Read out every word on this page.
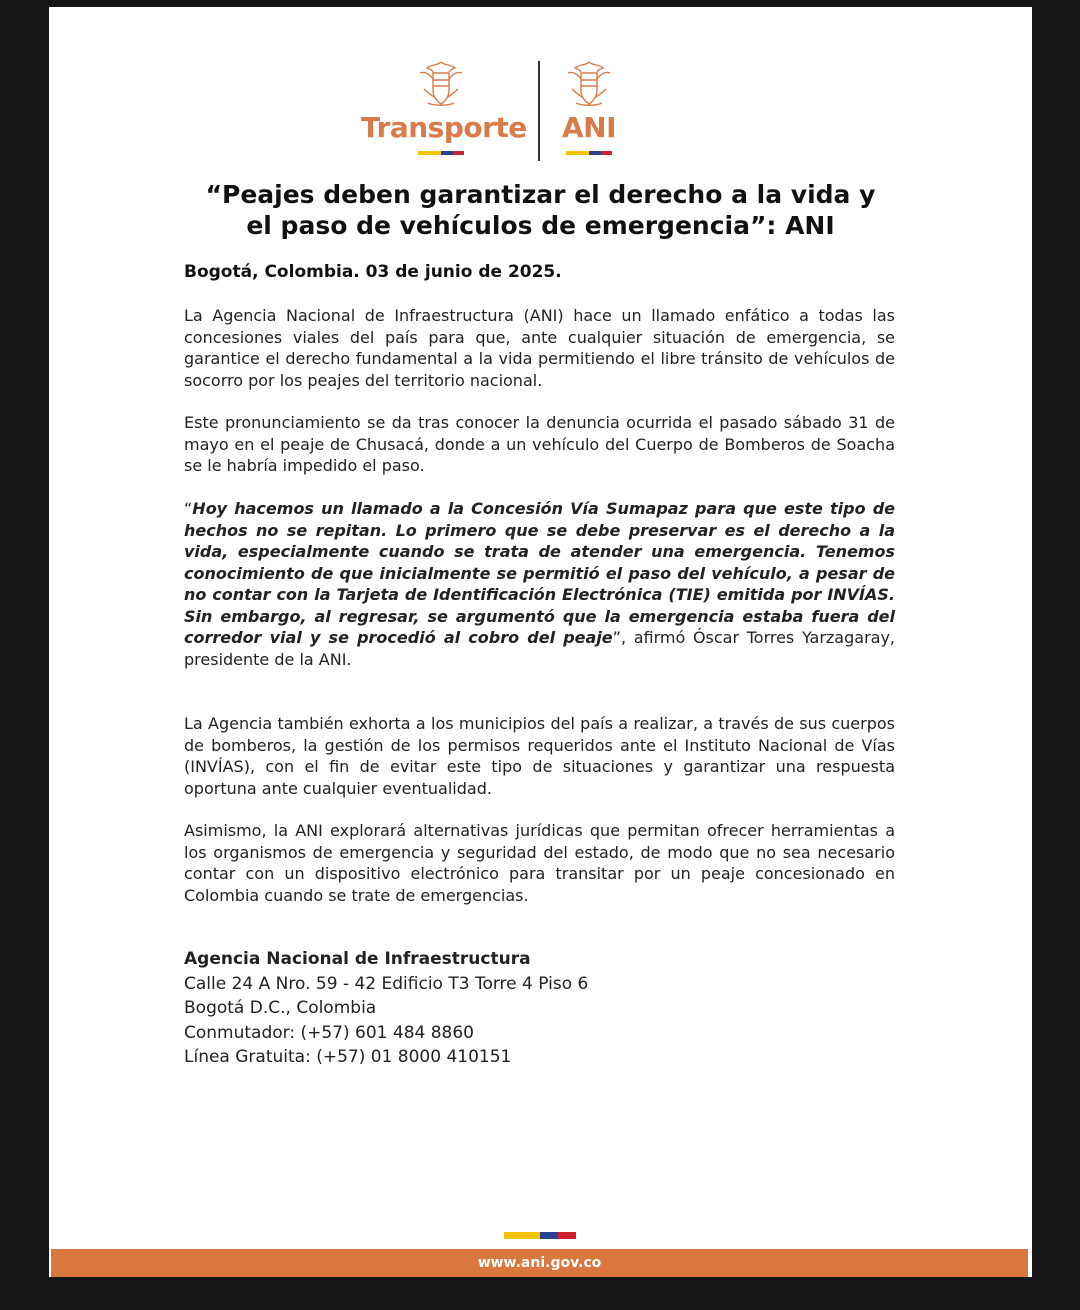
Transporte ANI
“Peajes deben garantizar el derecho a la vida y
el paso de vehículos de emergencia”: ANI

Bogotá, Colombia. 03 de junio de 2025.

La Agencia Nacional de Infraestructura (ANI) hace un llamado enfático a todas las concesiones viales del país para que, ante cualquier situación de emergencia, se garantice el derecho fundamental a la vida permitiendo el libre tránsito de vehículos de socorro por los peajes del territorio nacional.

Este pronunciamiento se da tras conocer la denuncia ocurrida el pasado sábado 31 de mayo en el peaje de Chusacá, donde a un vehículo del Cuerpo de Bomberos de Soacha se le habría impedido el paso.

“Hoy hacemos un llamado a la Concesión Vía Sumapaz para que este tipo de hechos no se repitan. Lo primero que se debe preservar es el derecho a la vida, especialmente cuando se trata de atender una emergencia. Tenemos conocimiento de que inicialmente se permitió el paso del vehículo, a pesar de no contar con la Tarjeta de Identificación Electrónica (TIE) emitida por INVÍAS. Sin embargo, al regresar, se argumentó que la emergencia estaba fuera del corredor vial y se procedió al cobro del peaje”, afirmó Óscar Torres Yarzagaray, presidente de la ANI.

La Agencia también exhorta a los municipios del país a realizar, a través de sus cuerpos de bomberos, la gestión de los permisos requeridos ante el Instituto Nacional de Vías (INVÍAS), con el fin de evitar este tipo de situaciones y garantizar una respuesta oportuna ante cualquier eventualidad.

Asimismo, la ANI explorará alternativas jurídicas que permitan ofrecer herramientas a los organismos de emergencia y seguridad del estado, de modo que no sea necesario contar con un dispositivo electrónico para transitar por un peaje concesionado en Colombia cuando se trate de emergencias.

Agencia Nacional de Infraestructura
Calle 24 A Nro. 59 - 42 Edificio T3 Torre 4 Piso 6
Bogotá D.C., Colombia
Conmutador: (+57) 601 484 8860
Línea Gratuita: (+57) 01 8000 410151
www.ani.gov.co
